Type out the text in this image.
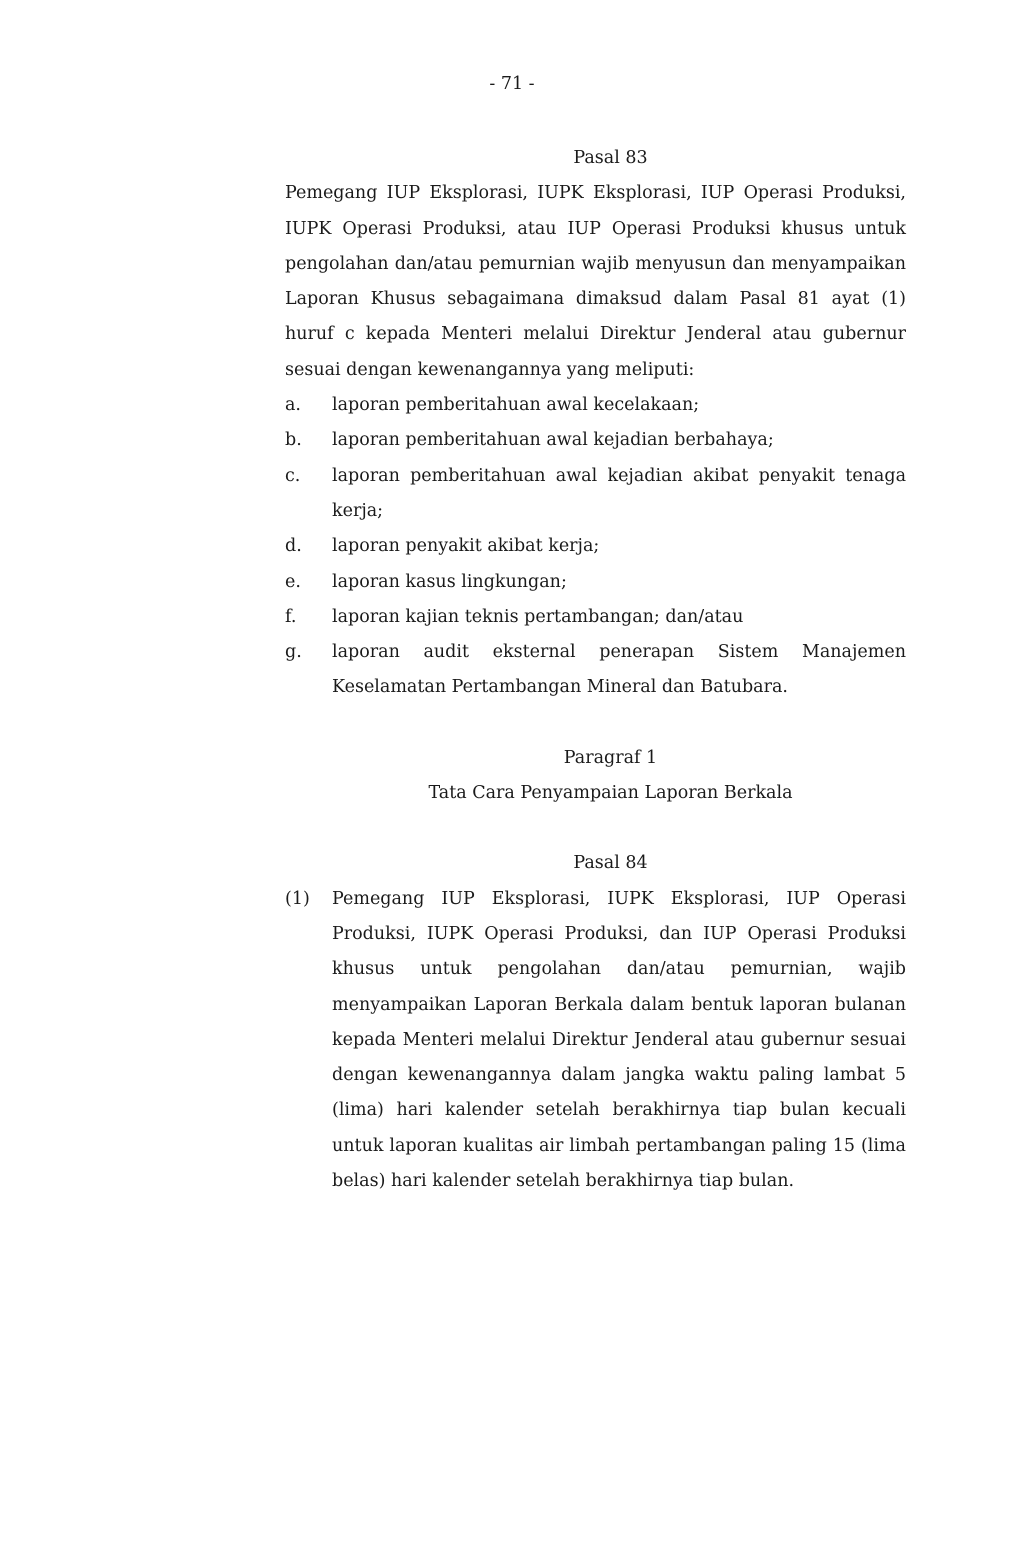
- 71 -
Pasal 83
Pemegang IUP Eksplorasi, IUPK Eksplorasi, IUP Operasi Produksi, IUPK Operasi Produksi, atau IUP Operasi Produksi khusus untuk pengolahan dan/atau pemurnian wajib menyusun dan menyampaikan Laporan Khusus sebagaimana dimaksud dalam Pasal 81 ayat (1) huruf c kepada Menteri melalui Direktur Jenderal atau gubernur sesuai dengan kewenangannya yang meliputi:
a.	laporan pemberitahuan awal kecelakaan;
b.	laporan pemberitahuan awal kejadian berbahaya;
c.	laporan pemberitahuan awal kejadian akibat penyakit tenaga kerja;
d.	laporan penyakit akibat kerja;
e.	laporan kasus lingkungan;
f.	laporan kajian teknis pertambangan; dan/atau
g.	laporan audit eksternal penerapan Sistem Manajemen Keselamatan Pertambangan Mineral dan Batubara.
Paragraf 1
Tata Cara Penyampaian Laporan Berkala
Pasal 84
(1)	Pemegang IUP Eksplorasi, IUPK Eksplorasi, IUP Operasi Produksi, IUPK Operasi Produksi, dan IUP Operasi Produksi khusus untuk pengolahan dan/atau pemurnian, wajib menyampaikan Laporan Berkala dalam bentuk laporan bulanan kepada Menteri melalui Direktur Jenderal atau gubernur sesuai dengan kewenangannya dalam jangka waktu paling lambat 5 (lima) hari kalender setelah berakhirnya tiap bulan kecuali untuk laporan kualitas air limbah pertambangan paling 15 (lima belas) hari kalender setelah berakhirnya tiap bulan.
